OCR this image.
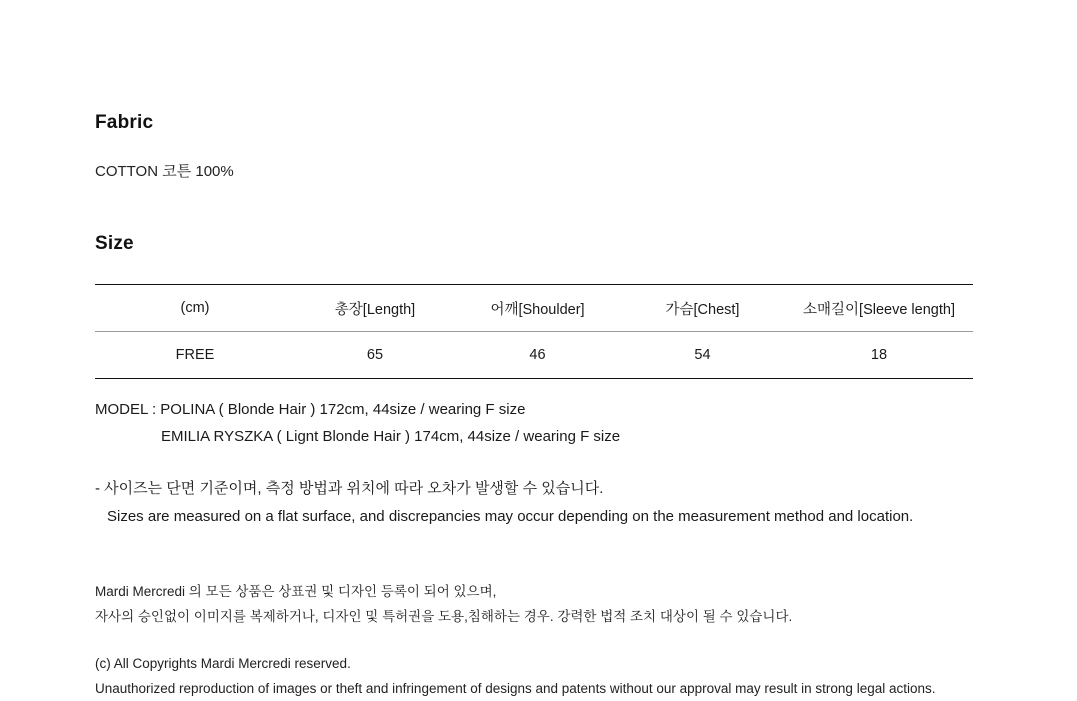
Fabric

COTTON 코튼 100%

Size
(cm)	총장[Length]	어깨[Shoulder]	가슴[Chest]	소매길이[Sleeve length]
FREE	65	46	54	18
MODEL : POLINA ( Blonde Hair ) 172cm, 44size / wearing F size
EMILIA RYSZKA ( Lignt Blonde Hair ) 174cm, 44size / wearing F size
- 사이즈는 단면 기준이며, 측정 방법과 위치에 따라 오차가 발생할 수 있습니다.
Sizes are measured on a flat surface, and discrepancies may occur depending on the measurement method and location.
Mardi Mercredi 의 모든 상품은 상표권 및 디자인 등록이 되어 있으며,
자사의 승인없이 이미지를 복제하거나, 디자인 및 특허권을 도용,침해하는 경우. 강력한 법적 조치 대상이 될 수 있습니다.
(c) All Copyrights Mardi Mercredi reserved.
Unauthorized reproduction of images or theft and infringement of designs and patents without our approval may result in strong legal actions.
